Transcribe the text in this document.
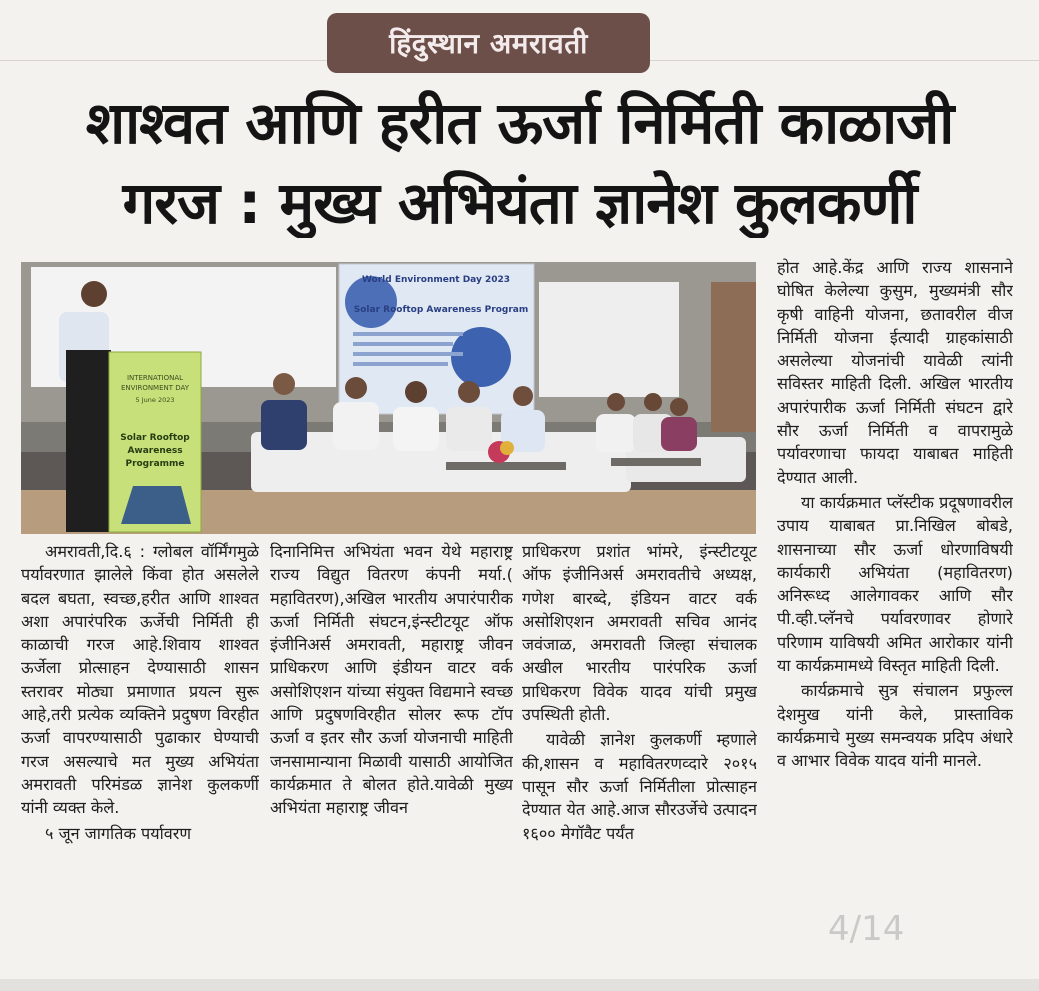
हिंदुस्थान अमरावती
शाश्वत आणि हरीत ऊर्जा निर्मिती काळाजी
गरज : मुख्य अभियंता ज्ञानेश कुलकर्णी
World Environment Day 2023
Solar Rooftop Awareness Program
INTERNATIONAL
ENVIRONMENT DAY
5 June 2023
Solar Rooftop
Awareness
Programme

अमरावती,दि.६ : ग्लोबल वॉर्मिंगमुळे पर्यावरणात झालेले किंवा होत असलेले बदल बघता, स्वच्छ,हरीत आणि शाश्वत अशा अपारंपरिक ऊर्जेची निर्मिती ही काळाची गरज आहे.शिवाय शाश्वत ऊर्जेला प्रोत्साहन देण्यासाठी शासन स्तरावर मोठ्या प्रमाणात प्रयत्न सुरू आहे,तरी प्रत्येक व्यक्तिने प्रदुषण विरहीत ऊर्जा वापरण्यासाठी पुढाकार घेण्याची गरज असल्याचे मत मुख्य अभियंता अमरावती परिमंडळ ज्ञानेश कुलकर्णी यांनी व्यक्त केले.

५ जून जागतिक पर्यावरण

दिनानिमित्त अभियंता भवन येथे महाराष्ट्र राज्य विद्युत वितरण कंपनी मर्या.( महावितरण),अखिल भारतीय अपारंपारीक ऊर्जा निर्मिती संघटन,इंन्स्टीटयूट ऑफ इंजीनिअर्स अमरावती, महाराष्ट्र जीवन प्राधिकरण आणि इंडीयन वाटर वर्क असोशिएशन यांच्या संयुक्त विद्यमाने स्वच्छ आणि प्रदुषणविरहीत सोलर रूफ टॉप ऊर्जा व इतर सौर ऊर्जा योजनाची माहिती जनसामान्याना मिळावी यासाठी आयोजित कार्यक्रमात ते बोलत होते.यावेळी मुख्य अभियंता महाराष्ट्र जीवन

प्राधिकरण प्रशांत भांमरे, इंन्स्टीटयूट ऑफ इंजीनिअर्स अमरावतीचे अध्यक्ष, गणेश बारब्दे, इंडियन वाटर वर्क असोशिएशन अमरावती सचिव आनंद जवंजाळ, अमरावती जिल्हा संचालक अखील भारतीय पारंपरिक ऊर्जा प्राधिकरण विवेक यादव यांची प्रमुख उपस्थिती होती.

यावेळी ज्ञानेश कुलकर्णी म्हणाले की,शासन व महावितरणव्दारे २०१५ पासून सौर ऊर्जा निर्मितीला प्रोत्साहन देण्यात येत आहे.आज सौरउर्जेचे उत्पादन १६०० मेगॉवैट पर्यंत

होत आहे.केंद्र आणि राज्य शासनाने घोषित केलेल्या कुसुम, मुख्यमंत्री सौर कृषी वाहिनी योजना, छतावरील वीज निर्मिती योजना ईत्यादी ग्राहकांसाठी असलेल्या योजनांची यावेळी त्यांनी सविस्तर माहिती दिली. अखिल भारतीय अपारंपारीक ऊर्जा निर्मिती संघटन द्वारे सौर ऊर्जा निर्मिती व वापरामुळे पर्यावरणाचा फायदा याबाबत माहिती देण्यात आली.

या कार्यक्रमात प्लॅस्टीक प्रदूषणावरील उपाय याबाबत प्रा.निखिल बोबडे, शासनाच्या सौर ऊर्जा धोरणाविषयी कार्यकारी अभियंता (महावितरण) अनिरूध्द आलेगावकर आणि सौर पी.व्ही.प्लॅनचे पर्यावरणावर होणारे परिणाम याविषयी अमित आरोकार यांनी या कार्यक्रमामध्ये विस्तृत माहिती दिली.

कार्यक्रमाचे सुत्र संचालन प्रफुल्ल देशमुख यांनी केले, प्रास्ताविक कार्यक्रमाचे मुख्य समन्वयक प्रदिप अंधारे व आभार विवेक यादव यांनी मानले.

4/14
